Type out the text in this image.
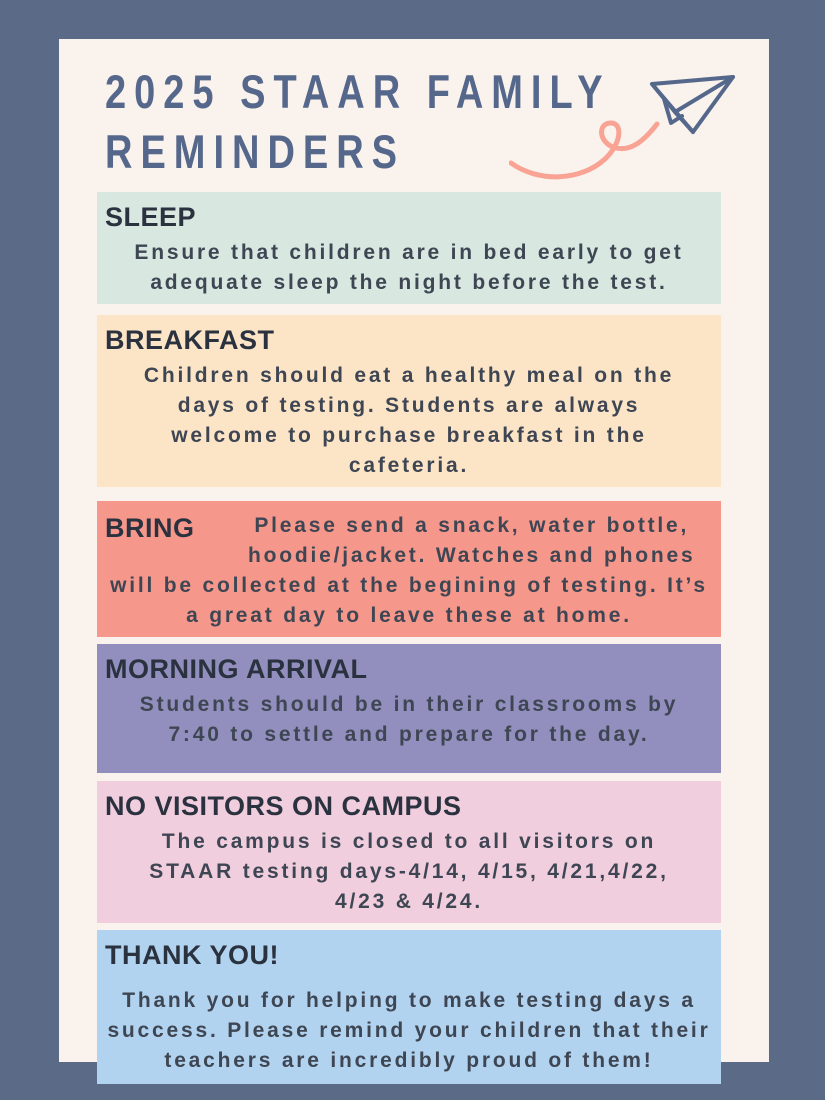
2025 STAAR FAMILY
REMINDERS
SLEEP

Ensure that children are in bed early to get adequate sleep the night before the test.

BREAKFAST

Children should eat a healthy meal on the days of testing. Students are always welcome to purchase breakfast in the cafeteria.

BRING	Please send a snack, water bottle, hoodie/jacket. Watches and phones will be collected at the begining of testing. It’s a great day to leave these at home.

MORNING ARRIVAL

Students should be in their classrooms by 7:40 to settle and prepare for the day.

NO VISITORS ON CAMPUS

The campus is closed to all visitors on STAAR testing days-4/14, 4/15, 4/21,4/22, 4/23 & 4/24.

THANK YOU!

Thank you for helping to make testing days a success. Please remind your children that their teachers are incredibly proud of them!
